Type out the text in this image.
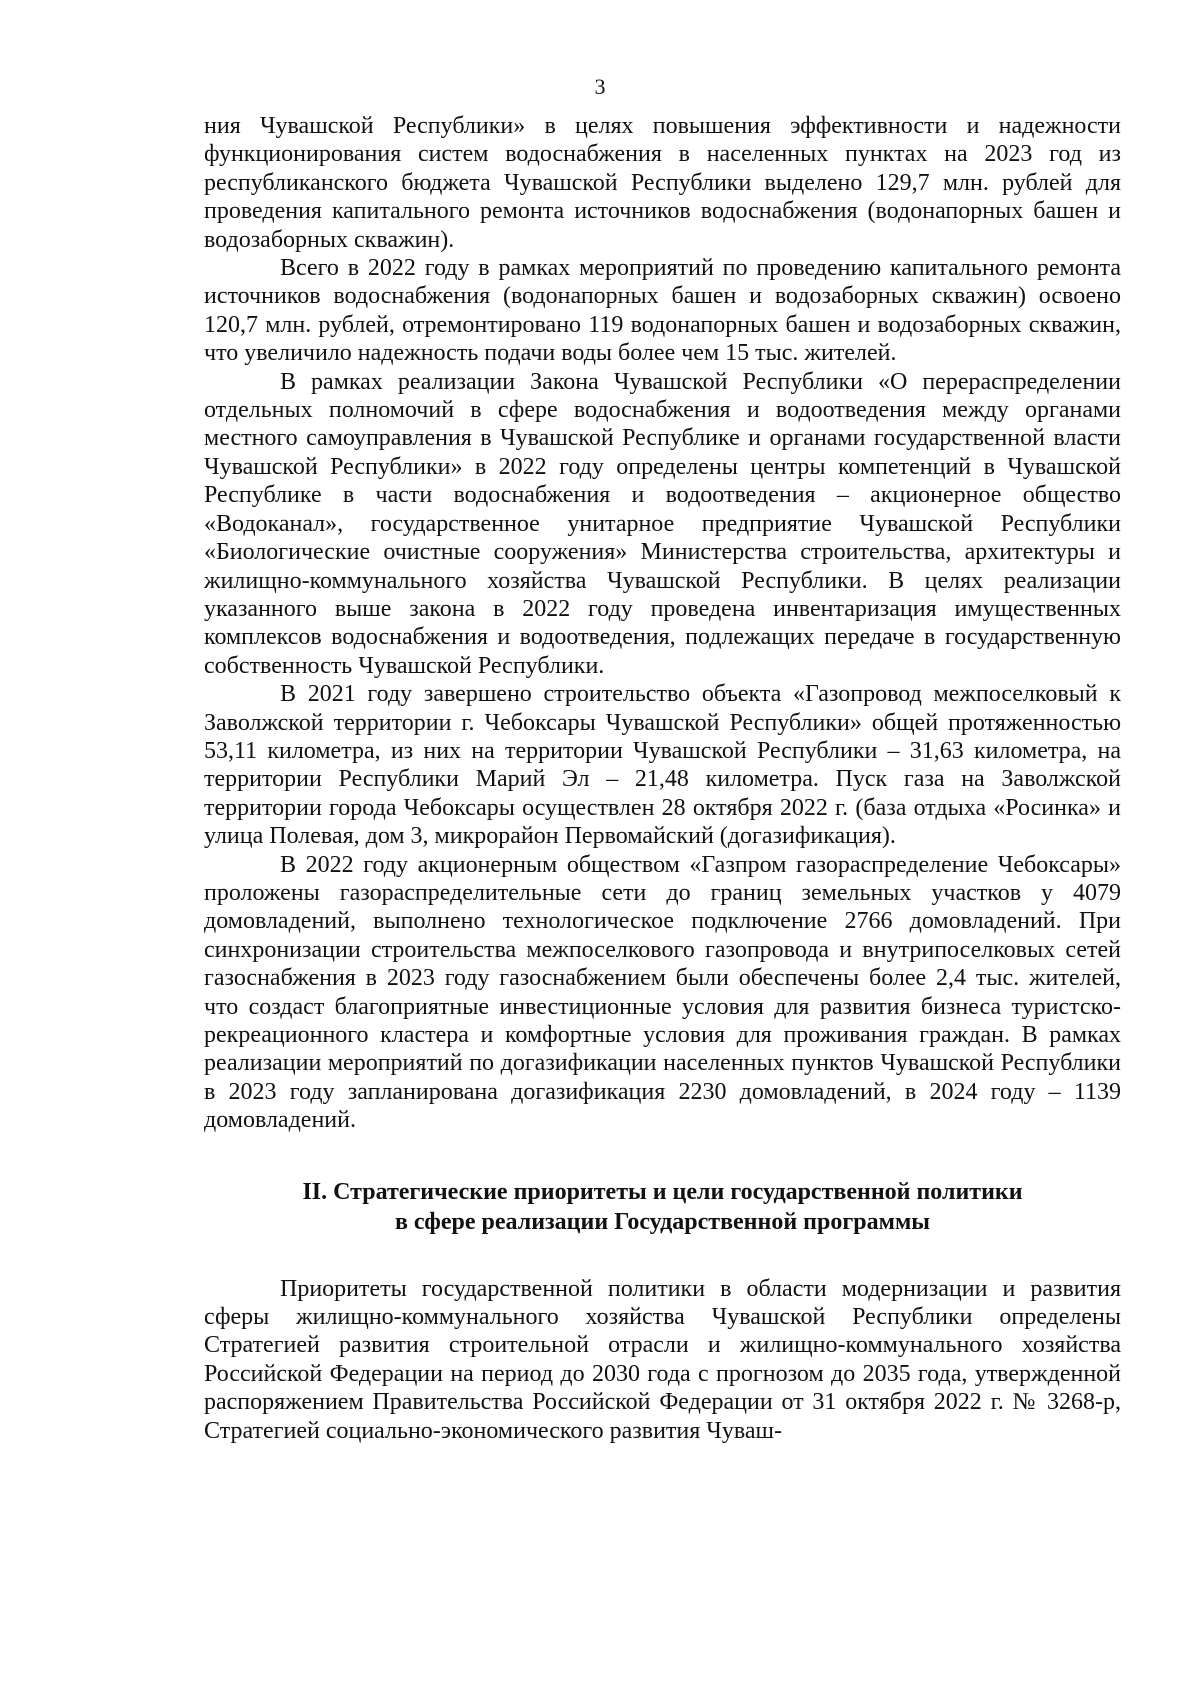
3

ния Чувашской Республики» в целях повышения эффективности и надежности функционирования систем водоснабжения в населенных пунктах на 2023 год из республиканского бюджета Чувашской Республики выделено 129,7 млн. рублей для проведения капитального ремонта источников водоснабжения (водонапорных башен и водозаборных скважин).

Всего в 2022 году в рамках мероприятий по проведению капитального ремонта источников водоснабжения (водонапорных башен и водозаборных скважин) освоено 120,7 млн. рублей, отремонтировано 119 водонапорных башен и водозаборных скважин, что увеличило надежность подачи воды более чем 15 тыс. жителей.

В рамках реализации Закона Чувашской Республики «О перераспределении отдельных полномочий в сфере водоснабжения и водоотведения между органами местного самоуправления в Чувашской Республике и органами государственной власти Чувашской Республики» в 2022 году определены центры компетенций в Чувашской Республике в части водоснабжения и водоотведения – акционерное общество «Водоканал», государственное унитарное предприятие Чувашской Республики «Биологические очистные сооружения» Министерства строительства, архитектуры и жилищно-коммунального хозяйства Чувашской Республики. В целях реализации указанного выше закона в 2022 году проведена инвентаризация имущественных комплексов водоснабжения и водоотведения, подлежащих передаче в государственную собственность Чувашской Республики.

В 2021 году завершено строительство объекта «Газопровод межпоселковый к Заволжской территории г. Чебоксары Чувашской Республики» общей протяженностью 53,11 километра, из них на территории Чувашской Республики – 31,63 километра, на территории Республики Марий Эл – 21,48 километра. Пуск газа на Заволжской территории города Чебоксары осуществлен 28 октября 2022 г. (база отдыха «Росинка» и улица Полевая, дом 3, микрорайон Первомайский (догазификация).

В 2022 году акционерным обществом «Газпром газораспределение Чебоксары» проложены газораспределительные сети до границ земельных участков у 4079 домовладений, выполнено технологическое подключение 2766 домовладений. При синхронизации строительства межпоселкового газопровода и внутрипоселковых сетей газоснабжения в 2023 году газоснабжением были обеспечены более 2,4 тыс. жителей, что создаст благоприятные инвестиционные условия для развития бизнеса туристско-рекреационного кластера и комфортные условия для проживания граждан. В рамках реализации мероприятий по догазификации населенных пунктов Чувашской Республики в 2023 году запланирована догазификация 2230 домовладений, в 2024 году – 1139 домовладений.

II. Стратегические приоритеты и цели государственной политики
в сфере реализации Государственной программы

Приоритеты государственной политики в области модернизации и развития сферы жилищно-коммунального хозяйства Чувашской Республики определены Стратегией развития строительной отрасли и жилищно-коммунального хозяйства Российской Федерации на период до 2030 года с прогнозом до 2035 года, утвержденной распоряжением Правительства Российской Федерации от 31 октября 2022 г. № 3268-р, Стратегией социально-экономического развития Чуваш-
